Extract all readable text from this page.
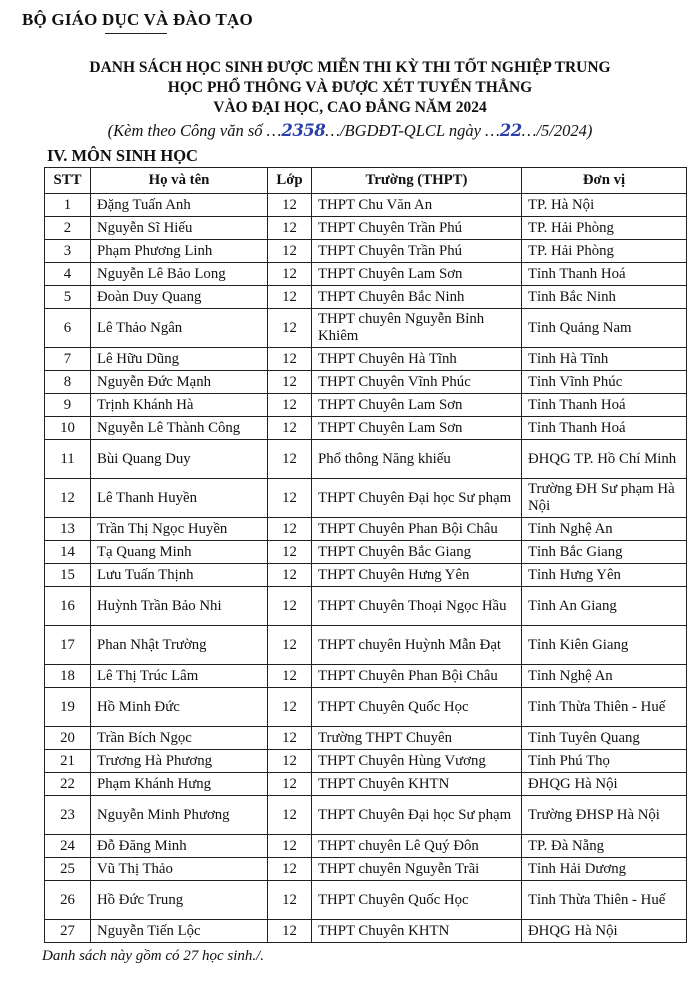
BỘ GIÁO DỤC VÀ ĐÀO TẠO
DANH SÁCH HỌC SINH ĐƯỢC MIỄN THI KỲ THI TỐT NGHIỆP TRUNG
HỌC PHỔ THÔNG VÀ ĐƯỢC XÉT TUYỂN THẲNG
VÀO ĐẠI HỌC, CAO ĐẲNG NĂM 2024
(Kèm theo Công văn số …2358…/BGDĐT-QLCL ngày …22…/5/2024)
IV. MÔN SINH HỌC
STT	Họ và tên	Lớp	Trường (THPT)	Đơn vị
1	Đặng Tuấn Anh	12	THPT Chu Văn An	TP. Hà Nội
2	Nguyễn Sĩ Hiếu	12	THPT Chuyên Trần Phú	TP. Hải Phòng
3	Phạm Phương Linh	12	THPT Chuyên Trần Phú	TP. Hải Phòng
4	Nguyễn Lê Bảo Long	12	THPT Chuyên Lam Sơn	Tỉnh Thanh Hoá
5	Đoàn Duy Quang	12	THPT Chuyên Bắc Ninh	Tỉnh Bắc Ninh
6	Lê Thảo Ngân	12	THPT chuyên Nguyễn Bỉnh Khiêm	Tỉnh Quảng Nam
7	Lê Hữu Dũng	12	THPT Chuyên Hà Tĩnh	Tỉnh Hà Tĩnh
8	Nguyễn Đức Mạnh	12	THPT Chuyên Vĩnh Phúc	Tỉnh Vĩnh Phúc
9	Trịnh Khánh Hà	12	THPT Chuyên Lam Sơn	Tỉnh Thanh Hoá
10	Nguyễn Lê Thành Công	12	THPT Chuyên Lam Sơn	Tỉnh Thanh Hoá
11	Bùi Quang Duy	12	Phổ thông Năng khiếu	ĐHQG TP. Hồ Chí Minh
12	Lê Thanh Huyền	12	THPT Chuyên Đại học Sư phạm	Trường ĐH Sư phạm Hà Nội
13	Trần Thị Ngọc Huyền	12	THPT Chuyên Phan Bội Châu	Tỉnh Nghệ An
14	Tạ Quang Minh	12	THPT Chuyên Bắc Giang	Tỉnh Bắc Giang
15	Lưu Tuấn Thịnh	12	THPT Chuyên Hưng Yên	Tỉnh Hưng Yên
16	Huỳnh Trần Bảo Nhi	12	THPT Chuyên Thoại Ngọc Hầu	Tỉnh An Giang
17	Phan Nhật Trường	12	THPT chuyên Huỳnh Mẫn Đạt	Tỉnh Kiên Giang
18	Lê Thị Trúc Lâm	12	THPT Chuyên Phan Bội Châu	Tỉnh Nghệ An
19	Hồ Minh Đức	12	THPT Chuyên Quốc Học	Tỉnh Thừa Thiên - Huế
20	Trần Bích Ngọc	12	Trường THPT Chuyên	Tỉnh Tuyên Quang
21	Trương Hà Phương	12	THPT Chuyên Hùng Vương	Tỉnh Phú Thọ
22	Phạm Khánh Hưng	12	THPT Chuyên KHTN	ĐHQG Hà Nội
23	Nguyễn Minh Phương	12	THPT Chuyên Đại học Sư phạm	Trường ĐHSP Hà Nội
24	Đỗ Đăng Minh	12	THPT chuyên Lê Quý Đôn	TP. Đà Nẵng
25	Vũ Thị Thảo	12	THPT chuyên Nguyễn Trãi	Tỉnh Hải Dương
26	Hồ Đức Trung	12	THPT Chuyên Quốc Học	Tỉnh Thừa Thiên - Huế
27	Nguyễn Tiến Lộc	12	THPT Chuyên KHTN	ĐHQG Hà Nội
Danh sách này gồm có 27 học sinh./.
